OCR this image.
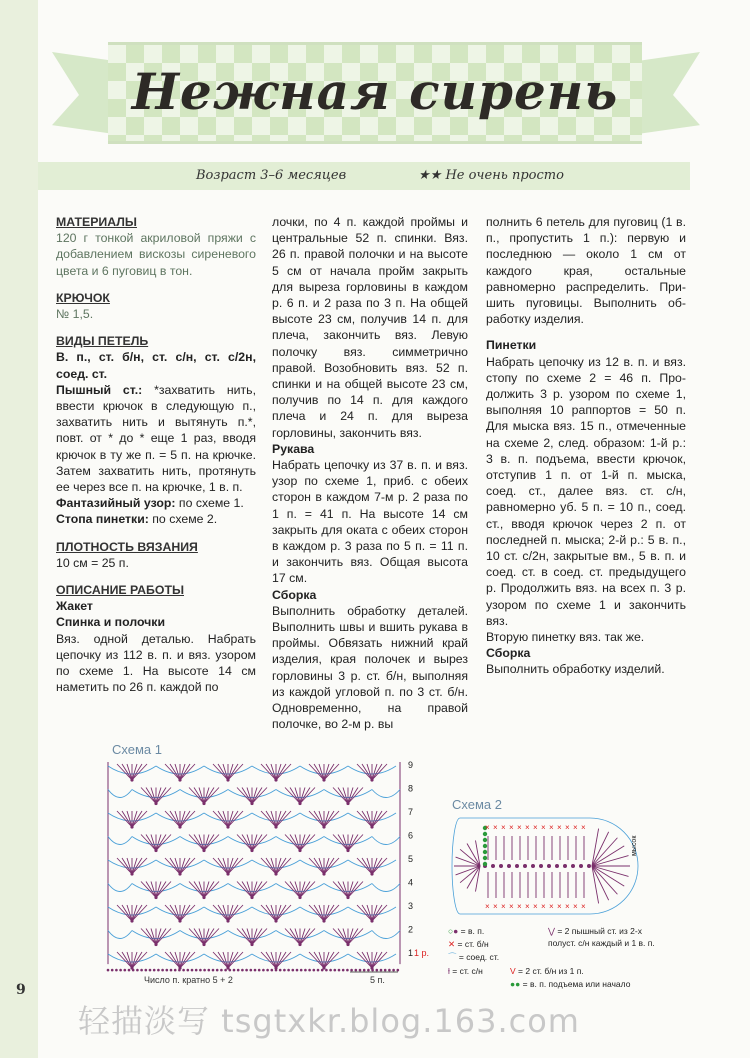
9
Нежная сирень
Возраст 3–6 месяцев	★★ Не очень просто

МАТЕРИАЛЫ

120 г тонкой акриловой пряжи с добавлением вискозы сиреневого цвета и 6 пуговиц в тон.

КРЮЧОК

№ 1,5.

ВИДЫ ПЕТЕЛЬ

В. п., ст. б/н, ст. с/н, ст. с/2н, соед. ст.

Пышный ст.: *захватить нить, ввести крючок в следующую п., захватить нить и вытянуть п.*, повт. от * до * еще 1 раз, вводя крючок в ту же п. = 5 п. на крючке. Затем захватить нить, протянуть ее через все п. на крючке, 1 в. п.

Фантазийный узор: по схеме 1.

Стопа пинетки: по схеме 2.

ПЛОТНОСТЬ ВЯЗАНИЯ

10 см = 25 п.

ОПИСАНИЕ РАБОТЫ

Жакет

Спинка и полочки

Вяз. одной деталью. Набрать цепочку из 112 в. п. и вяз. узором по схеме 1. На высоте 14 см наметить по 26 п. каждой по

лочки, по 4 п. каждой проймы и центральные 52 п. спинки. Вяз. 26 п. правой полочки и на высоте 5 см от начала пройм закрыть для выреза горловины в каждом р. 6 п. и 2 раза по 3 п. На общей высоте 23 см, получив 14 п. для плеча, закончить вяз. Левую полочку вяз. симметрично правой. Возобновить вяз. 52 п. спинки и на общей высоте 23 см, получив по 14 п. для каждого плеча и 24 п. для выреза горловины, закончить вяз.

Рукава

Набрать цепочку из 37 в. п. и вяз. узор по схеме 1, приб. с обеих сторон в каждом 7-м р. 2 раза по 1 п. = 41 п. На высоте 14 см закрыть для оката с обеих сторон в каждом р. 3 раза по 5 п. = 11 п. и закончить вяз. Общая высота 17 см.

Сборка

Выполнить обработку деталей. Выполнить швы и вшить рукава в проймы. Обвязать нижний край изделия, края полочек и вырез горловины 3 р. ст. б/н, выполняя из каждой угловой п. по 3 ст. б/н. Одновременно, на правой полочке, во 2-м р. вы

полнить 6 петель для пуговиц (1 в. п., пропустить 1 п.): первую и последнюю — около 1 см от каждого края, остальные равномерно распределить. Пришить пуговицы. Выполнить обработку изделия.

Пинетки

Набрать цепочку из 12 в. п. и вяз. стопу по схеме 2 = 46 п. Продолжить 3 р. узором по схеме 1, выполняя 10 раппортов = 50 п. Для мыска вяз. 15 п., отмеченные на схеме 2, след. образом: 1-й р.: 3 в. п. подъема, ввести крючок, отступив 1 п. от 1-й п. мыска, соед. ст., далее вяз. ст. с/н, равномерно уб. 5 п. = 10 п., соед. ст., вводя крючок через 2 п. от последней п. мыска; 2-й р.: 5 в. п., 10 ст. с/2н, закрытые вм., 5 в. п. и соед. ст. в соед. ст. предыдущего р. Продолжить вяз. на всех п. 3 р. узором по схеме 1 и закончить вяз.

Вторую пинетку вяз. так же.

Сборка

Выполнить обработку изделий.

Схема 1
1
2
3
4
5
6
7
8
9
1 р.
Число п. кратно 5 + 2	5 п.
Схема 2
×
×
×
×
×
×
×
×
×
×
×
×
×
×
×
×
×
×
×
×
×
×
×
×
×
×
мысок
○● = в. п.
✕ = ст. б/н
⌒ = соед. ст.
ƚ = ст. с/н
⋁ = 2 пышный ст. из 2-х полуст. с/н каждый и 1 в. п.
V = 2 ст. б/н из 1 п.
●● = в. п. подъема или начало
轻描淡写 tsgtxkr.blog.163.com
